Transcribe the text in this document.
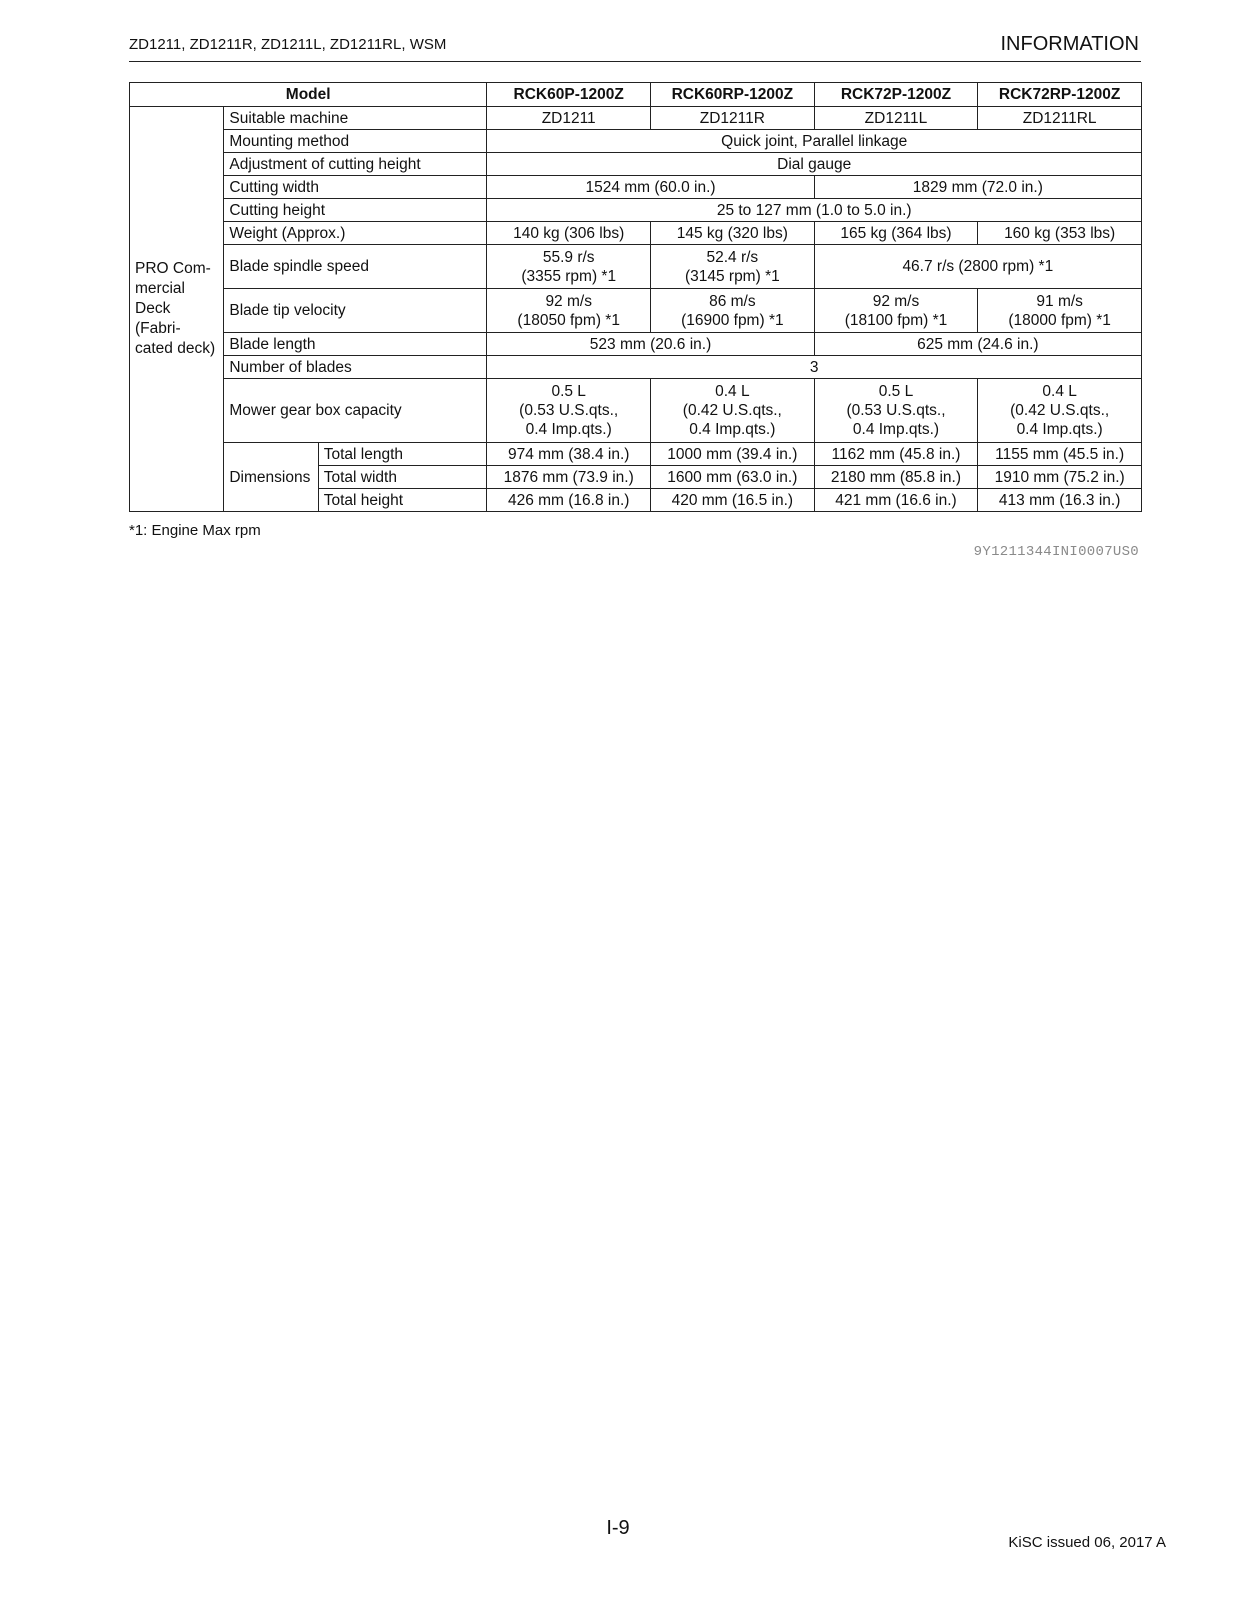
ZD1211, ZD1211R, ZD1211L, ZD1211RL, WSM	INFORMATION
Model			RCK60P-1200Z	RCK60RP-1200Z	RCK72P-1200Z	RCK72RP-1200Z
PRO Com-
mercial
Deck
(Fabri-
cated deck)	Suitable machine		ZD1211	ZD1211R	ZD1211L	ZD1211RL
	Mounting method		Quick joint, Parallel linkage			
	Adjustment of cutting height		Dial gauge			
	Cutting width		1524 mm (60.0 in.)		1829 mm (72.0 in.)	
	Cutting height		25 to 127 mm (1.0 to 5.0 in.)			
	Weight (Approx.)		140 kg (306 lbs)	145 kg (320 lbs)	165 kg (364 lbs)	160 kg (353 lbs)
	Blade spindle speed		55.9 r/s
(3355 rpm) *1	52.4 r/s
(3145 rpm) *1	46.7 r/s (2800 rpm) *1	
	Blade tip velocity		92 m/s
(18050 fpm) *1	86 m/s
(16900 fpm) *1	92 m/s
(18100 fpm) *1	91 m/s
(18000 fpm) *1
	Blade length		523 mm (20.6 in.)		625 mm (24.6 in.)	
	Number of blades		3			
	Mower gear box capacity		0.5 L
(0.53 U.S.qts.,
0.4 Imp.qts.)	0.4 L
(0.42 U.S.qts.,
0.4 Imp.qts.)	0.5 L
(0.53 U.S.qts.,
0.4 Imp.qts.)	0.4 L
(0.42 U.S.qts.,
0.4 Imp.qts.)
	Dimensions	Total length	974 mm (38.4 in.)	1000 mm (39.4 in.)	1162 mm (45.8 in.)	1155 mm (45.5 in.)
		Total width	1876 mm (73.9 in.)	1600 mm (63.0 in.)	2180 mm (85.8 in.)	1910 mm (75.2 in.)
		Total height	426 mm (16.8 in.)	420 mm (16.5 in.)	421 mm (16.6 in.)	413 mm (16.3 in.)
*1: Engine Max rpm
9Y1211344INI0007US0
I-9
KiSC issued 06, 2017 A
